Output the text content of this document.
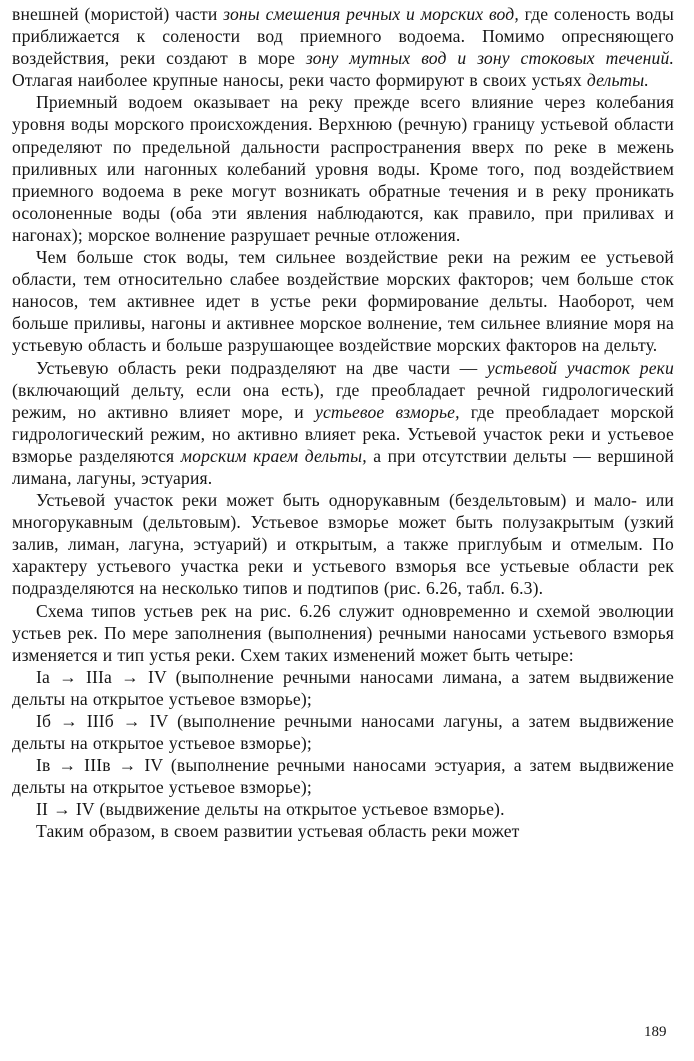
внешней (мористой) части зоны смешения речных и морских вод, где соленость воды приближается к солености вод приемного водоема. Помимо опресняющего воздействия, реки создают в море зону мутных вод и зону стоковых течений. Отлагая наиболее крупные наносы, реки часто формируют в своих устьях дельты.

Приемный водоем оказывает на реку прежде всего влияние через колебания уровня воды морского происхождения. Верхнюю (речную) границу устьевой области определяют по предельной дальности распространения вверх по реке в межень приливных или нагонных колебаний уровня воды. Кроме того, под воздействием приемного водоема в реке могут возникать обратные течения и в реку проникать осолоненные воды (оба эти явления наблюдаются, как правило, при приливах и нагонах); морское волнение разрушает речные отложения.

Чем больше сток воды, тем сильнее воздействие реки на режим ее устьевой области, тем относительно слабее воздействие морских факторов; чем больше сток наносов, тем активнее идет в устье реки формирование дельты. Наоборот, чем больше приливы, нагоны и активнее морское волнение, тем сильнее влияние моря на устьевую область и больше разрушающее воздействие морских факторов на дельту.

Устьевую область реки подразделяют на две части — устьевой участок реки (включающий дельту, если она есть), где преобладает речной гидрологический режим, но активно влияет море, и устьевое взморье, где преобладает морской гидрологический режим, но активно влияет река. Устьевой участок реки и устьевое взморье разделяются морским краем дельты, а при отсутствии дельты — вершиной лимана, лагуны, эстуария.

Устьевой участок реки может быть однорукавным (бездельтовым) и мало- или многорукавным (дельтовым). Устьевое взморье может быть полузакрытым (узкий залив, лиман, лагуна, эстуарий) и открытым, а также приглубым и отмелым. По характеру устьевого участка реки и устьевого взморья все устьевые области рек подразделяются на несколько типов и подтипов (рис. 6.26, табл. 6.3).

Схема типов устьев рек на рис. 6.26 служит одновременно и схемой эволюции устьев рек. По мере заполнения (выполнения) речными наносами устьевого взморья изменяется и тип устья реки. Схем таких изменений может быть четыре:

Iа → IIIа → IV (выполнение речными наносами лимана, а затем выдвижение дельты на открытое устьевое взморье);

Iб → IIIб → IV (выполнение речными наносами лагуны, а затем выдвижение дельты на открытое устьевое взморье);

Iв → IIIв → IV (выполнение речными наносами эстуария, а затем выдвижение дельты на открытое устьевое взморье);

II → IV (выдвижение дельты на открытое устьевое взморье).

Таким образом, в своем развитии устьевая область реки может

189
